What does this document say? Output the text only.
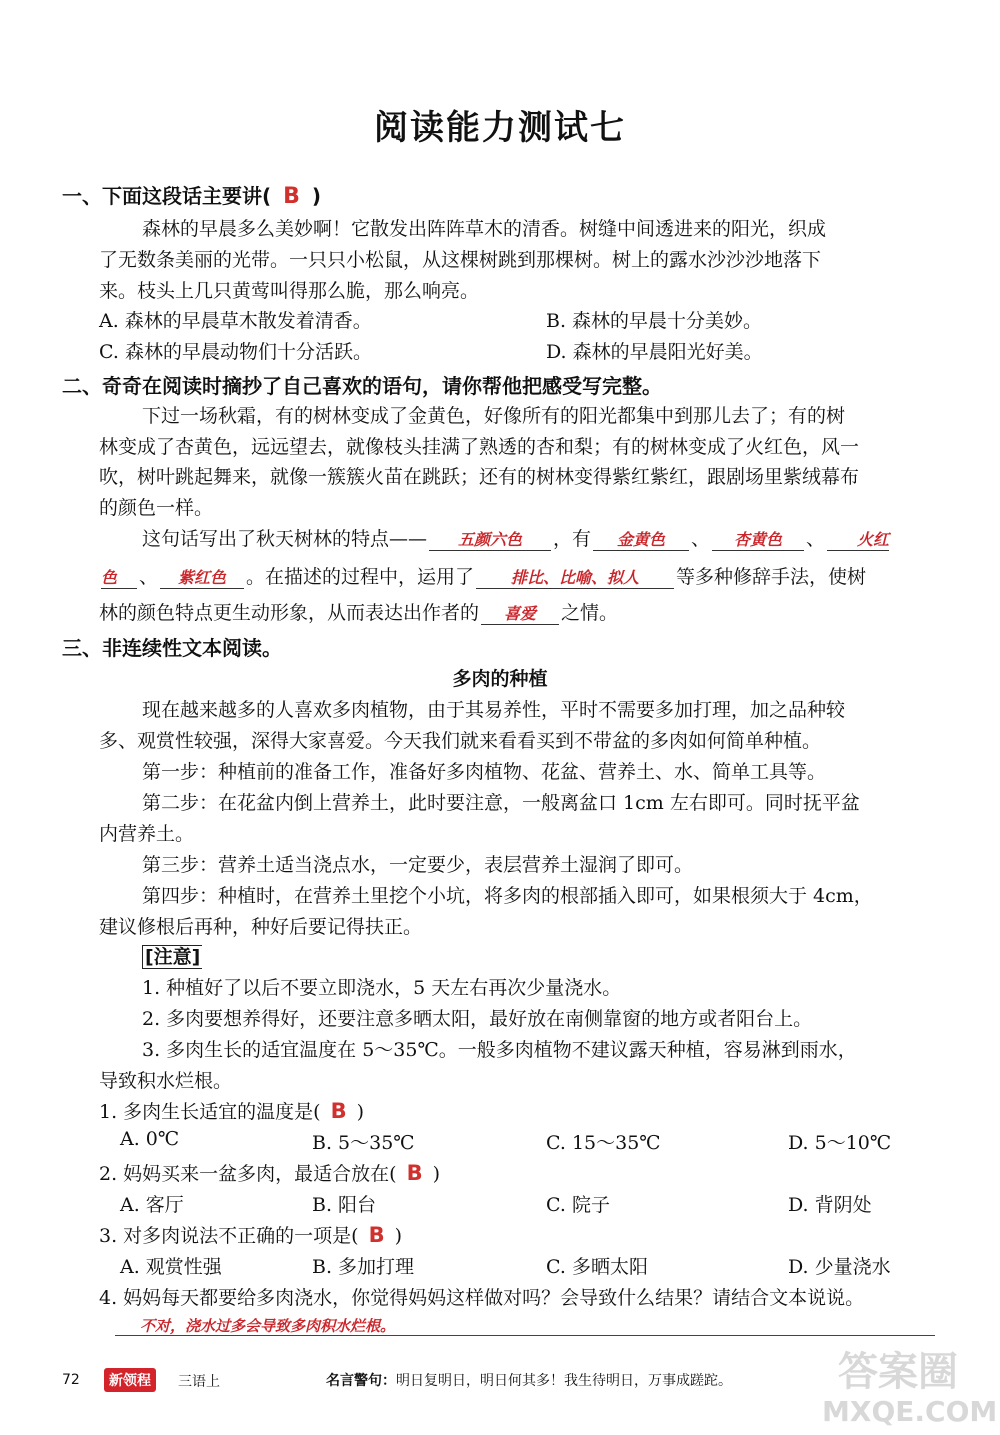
阅读能力测试七
一、下面这段话主要讲( B )
森林的早晨多么美妙啊！它散发出阵阵草木的清香。树缝中间透进来的阳光，织成
了无数条美丽的光带。一只只小松鼠，从这棵树跳到那棵树。树上的露水沙沙沙地落下
来。枝头上几只黄莺叫得那么脆，那么响亮。
A. 森林的早晨草木散发着清香。	B. 森林的早晨十分美妙。
C. 森林的早晨动物们十分活跃。	D. 森林的早晨阳光好美。
二、奇奇在阅读时摘抄了自己喜欢的语句，请你帮他把感受写完整。
下过一场秋霜，有的树林变成了金黄色，好像所有的阳光都集中到那儿去了；有的树
林变成了杏黄色，远远望去，就像枝头挂满了熟透的杏和梨；有的树林变成了火红色，风一
吹，树叶跳起舞来，就像一簇簇火苗在跳跃；还有的树林变得紫红紫红，跟剧场里紫绒幕布
的颜色一样。
这句话写出了秋天树林的特点—— 五颜六色 ，有 金黄色 、 杏黄色 、 火红
色 、 紫红色 。在描述的过程中，运用了 排比、比喻、拟人 等多种修辞手法，使树
林的颜色特点更生动形象，从而表达出作者的 喜爱 之情。
三、非连续性文本阅读。
多肉的种植
现在越来越多的人喜欢多肉植物，由于其易养性，平时不需要多加打理，加之品种较
多、观赏性较强，深得大家喜爱。今天我们就来看看买到不带盆的多肉如何简单种植。
第一步：种植前的准备工作，准备好多肉植物、花盆、营养土、水、简单工具等。
第二步：在花盆内倒上营养土，此时要注意，一般离盆口 1cm 左右即可。同时抚平盆
内营养土。
第三步：营养土适当浇点水，一定要少，表层营养土湿润了即可。
第四步：种植时，在营养土里挖个小坑，将多肉的根部插入即可，如果根须大于 4cm，
建议修根后再种，种好后要记得扶正。
[注意]
1. 种植好了以后不要立即浇水，5 天左右再次少量浇水。
2. 多肉要想养得好，还要注意多晒太阳，最好放在南侧靠窗的地方或者阳台上。
3. 多肉生长的适宜温度在 5～35℃。一般多肉植物不建议露天种植，容易淋到雨水，
导致积水烂根。
1. 多肉生长适宜的温度是( B )
A. 0℃	B. 5～35℃	C. 15～35℃	D. 5～10℃
2. 妈妈买来一盆多肉，最适合放在( B )
A. 客厅	B. 阳台	C. 院子	D. 背阴处
3. 对多肉说法不正确的一项是( B )
A. 观赏性强	B. 多加打理	C. 多晒太阳	D. 少量浇水
4. 妈妈每天都要给多肉浇水，你觉得妈妈这样做对吗？会导致什么结果？请结合文本说说。
不对，浇水过多会导致多肉积水烂根。
72	新领程	三语上	名言警句：明日复明日，明日何其多！我生待明日，万事成蹉跎。	答案圈
MXQE.COM
